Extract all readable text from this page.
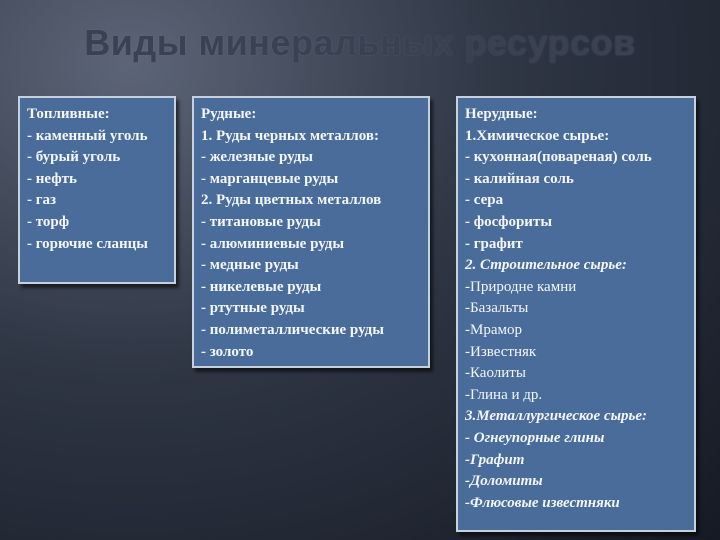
Виды минеральных ресурсов
Топливные:
- каменный уголь
- бурый уголь
- нефть
- газ
- торф
- горючие сланцы
Рудные:
1. Руды черных металлов:
- железные руды
- марганцевые руды
2. Руды цветных металлов
- титановые руды
- алюминиевые руды
- медные руды
- никелевые руды
- ртутные руды
- полиметаллические руды
- золото
Нерудные:
1.Химическое сырье:
- кухонная(повареная) соль
- калийная соль
- сера
- фосфориты
- графит
2. Строительное сырье:
-Природне камни
-Базальты
-Мрамор
-Известняк
-Каолиты
-Глина и др.
3.Металлургическое сырье:
- Огнеупорные глины
-Графит
-Доломиты
-Флюсовые известняки
